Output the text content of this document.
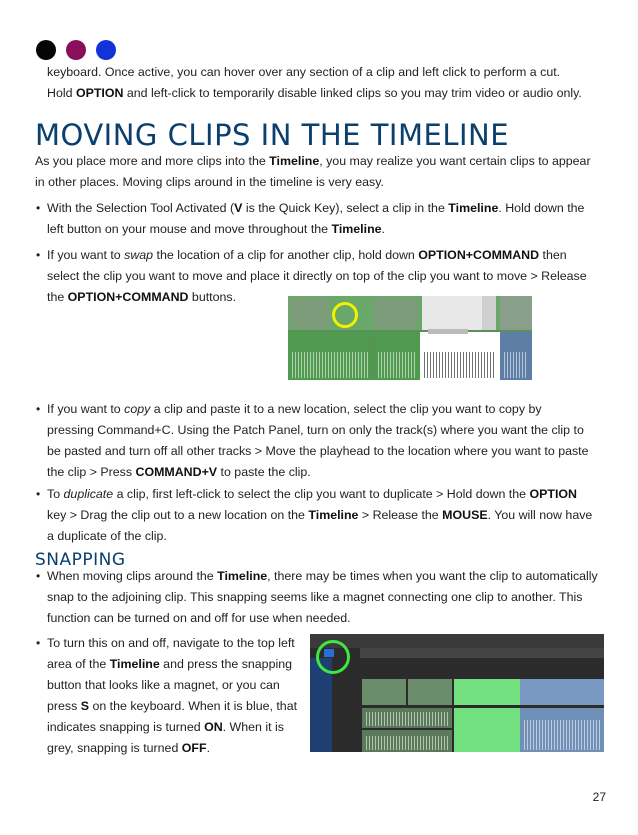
keyboard. Once active, you can hover over any section of a clip and left click to perform a cut.

Hold OPTION and left-click to temporarily disable linked clips so you may trim video or audio only.

MOVING CLIPS IN THE TIMELINE

As you place more and more clips into the Timeline, you may realize you want certain clips to appear

in other places. Moving clips around in the timeline is very easy.

• With the Selection Tool Activated (V is the Quick Key), select a clip in the Timeline. Hold down the

left button on your mouse and move throughout the Timeline.

• If you want to swap the location of a clip for another clip, hold down OPTION+COMMAND then

select the clip you want to move and place it directly on top of the clip you want to move > Release

the OPTION+COMMAND buttons.

• If you want to copy a clip and paste it to a new location, select the clip you want to copy by

pressing Command+C. Using the Patch Panel, turn on only the track(s) where you want the clip to

be pasted and turn off all other tracks > Move the playhead to the location where you want to paste

the clip > Press COMMAND+V to paste the clip.

• To duplicate a clip, first left-click to select the clip you want to duplicate > Hold down the OPTION

key > Drag the clip out to a new location on the Timeline > Release the MOUSE. You will now have

a duplicate of the clip.

SNAPPING

• When moving clips around the Timeline, there may be times when you want the clip to automatically

snap to the adjoining clip. This snapping seems like a magnet connecting one clip to another. This

function can be turned on and off for use when needed.

• To turn this on and off, navigate to the top left

area of the Timeline and press the snapping

button that looks like a magnet, or you can

press S on the keyboard. When it is blue, that

indicates snapping is turned ON. When it is

grey, snapping is turned OFF.

27
